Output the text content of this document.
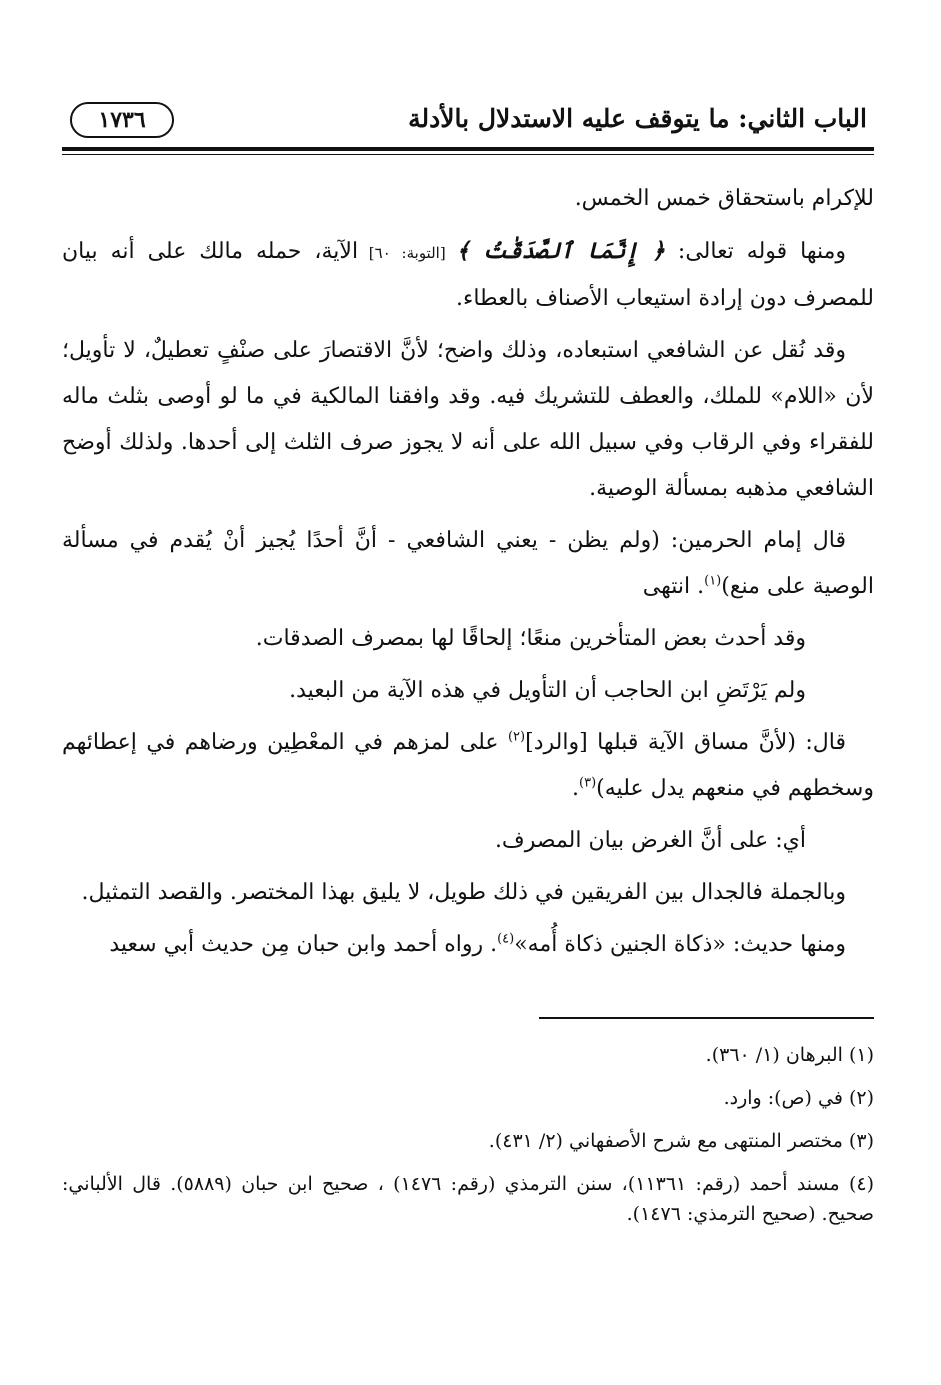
الباب الثاني: ما يتوقف عليه الاستدلال بالأدلة
١٧٣٦

للإكرام باستحقاق خمس الخمس.

ومنها قوله تعالى: ﴿ إِنَّمَا ٱلصَّدَقَٰتُ ﴾ [التوبة: ٦٠] الآية، حمله مالك على أنه بيان للمصرف دون إرادة استيعاب الأصناف بالعطاء.

وقد نُقل عن الشافعي استبعاده، وذلك واضح؛ لأنَّ الاقتصارَ على صنْفٍ تعطيلٌ، لا تأويل؛ لأن «اللام» للملك، والعطف للتشريك فيه. وقد وافقنا المالكية في ما لو أوصى بثلث ماله للفقراء وفي الرقاب وفي سبيل الله على أنه لا يجوز صرف الثلث إلى أحدها. ولذلك أوضح الشافعي مذهبه بمسألة الوصية.

قال إمام الحرمين: (ولم يظن - يعني الشافعي - أنَّ أحدًا يُجيز أنْ يُقدم في مسألة الوصية على منع)$^{(١)}$. انتهى

وقد أحدث بعض المتأخرين منعًا؛ إلحاقًا لها بمصرف الصدقات.

ولم يَرْتَضِ ابن الحاجب أن التأويل في هذه الآية من البعيد.

قال: (لأنَّ مساق الآية قبلها [والرد]$^{(٢)}$ على لمزهم في المعْطِين ورضاهم في إعطائهم وسخطهم في منعهم يدل عليه)$^{(٣)}$.

أي: على أنَّ الغرض بيان المصرف.

وبالجملة فالجدال بين الفريقين في ذلك طويل، لا يليق بهذا المختصر. والقصد التمثيل.

ومنها حديث: «ذكاة الجنين ذكاة أُمه»$^{(٤)}$. رواه أحمد وابن حبان مِن حديث أبي سعيد

(١) البرهان (١/ ٣٦٠).

(٢) في (ص): وارد.

(٣) مختصر المنتهى مع شرح الأصفهاني (٢/ ٤٣١).

(٤) مسند أحمد (رقم: ١١٣٦١)، سنن الترمذي (رقم: ١٤٧٦) ، صحيح ابن حبان (٥٨٨٩). قال الألباني: صحيح. (صحيح الترمذي: ١٤٧٦).
